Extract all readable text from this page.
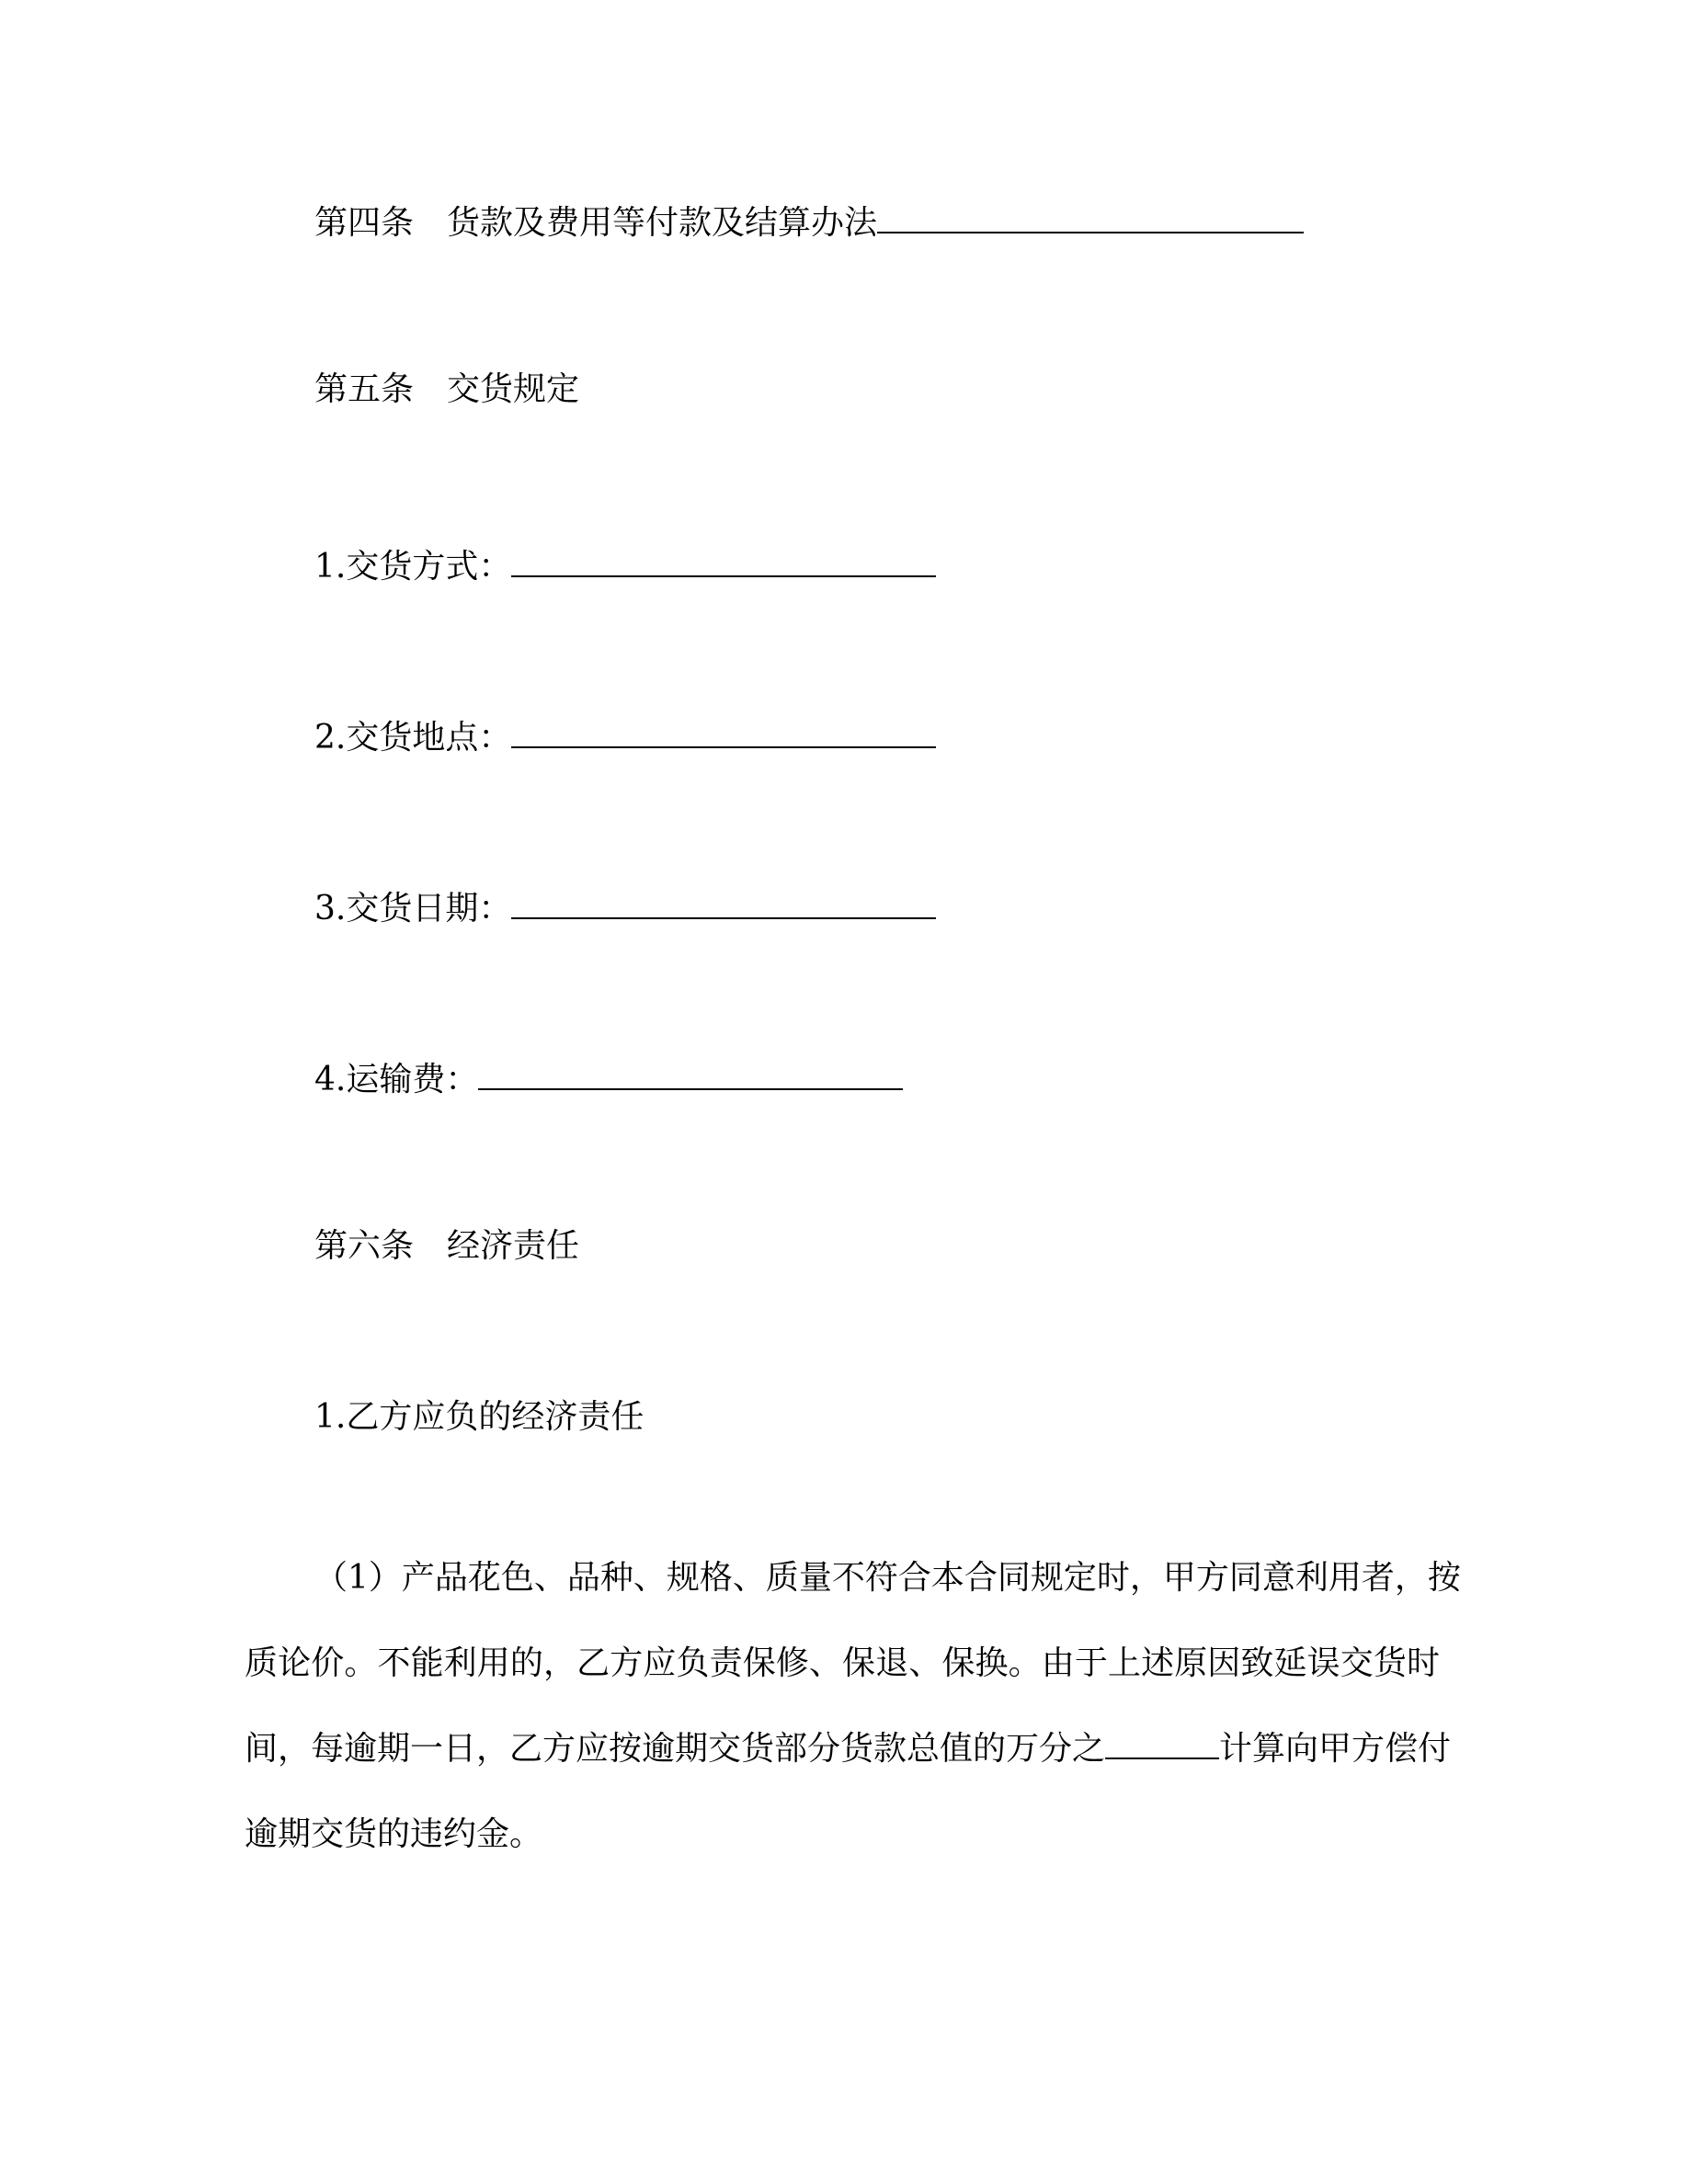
第四条 货款及费用等付款及结算办法
第五条 交货规定
1.交货方式：
2.交货地点：
3.交货日期：
4.运输费：
第六条 经济责任
1.乙方应负的经济责任
（1）产品花色、品种、规格、质量不符合本合同规定时，甲方同意利用者，按
质论价。不能利用的，乙方应负责保修、保退、保换。由于上述原因致延误交货时
间，每逾期一日，乙方应按逾期交货部分货款总值的万分之	计算向甲方偿付
逾期交货的违约金。
